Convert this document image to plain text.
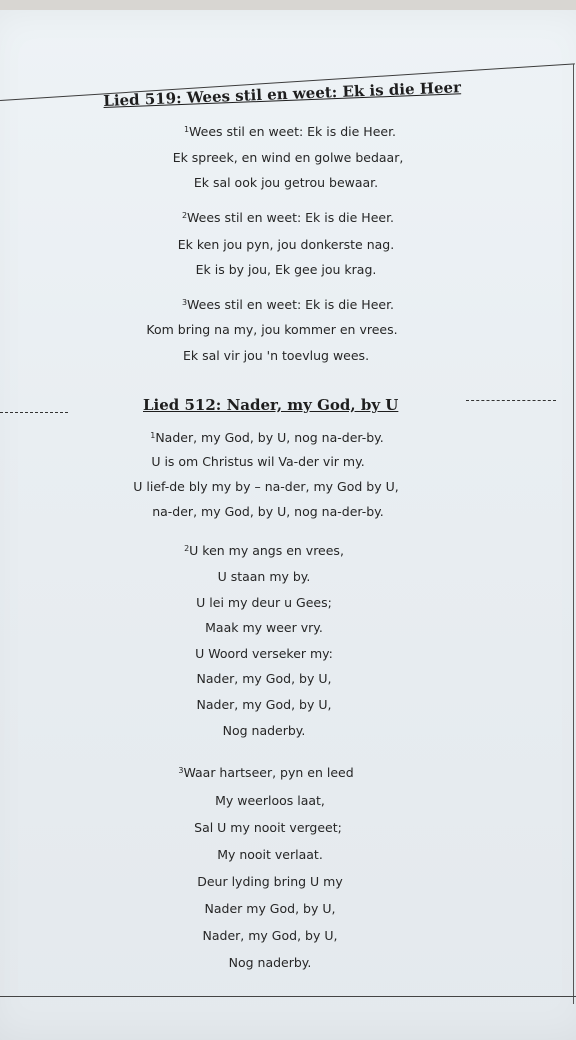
Lied 519: Wees stil en weet: Ek is die Heer
$^1$Wees stil en weet: Ek is die Heer.
Ek spreek, en wind en golwe bedaar,
Ek sal ook jou getrou bewaar.
$^2$Wees stil en weet: Ek is die Heer.
Ek ken jou pyn, jou donkerste nag.
Ek is by jou, Ek gee jou krag.
$^3$Wees stil en weet: Ek is die Heer.
Kom bring na my, jou kommer en vrees.
Ek sal vir jou 'n toevlug wees.
Lied 512: Nader, my God, by U
$^1$Nader, my God, by U, nog na-der-by.
U is om Christus wil Va-der vir my.
U lief-de bly my by – na-der, my God by U,
na-der, my God, by U, nog na-der-by.
$^2$U ken my angs en vrees,
U staan my by.
U lei my deur u Gees;
Maak my weer vry.
U Woord verseker my:
Nader, my God, by U,
Nader, my God, by U,
Nog naderby.
$^3$Waar hartseer, pyn en leed
My weerloos laat,
Sal U my nooit vergeet;
My nooit verlaat.
Deur lyding bring U my
Nader my God, by U,
Nader, my God, by U,
Nog naderby.
